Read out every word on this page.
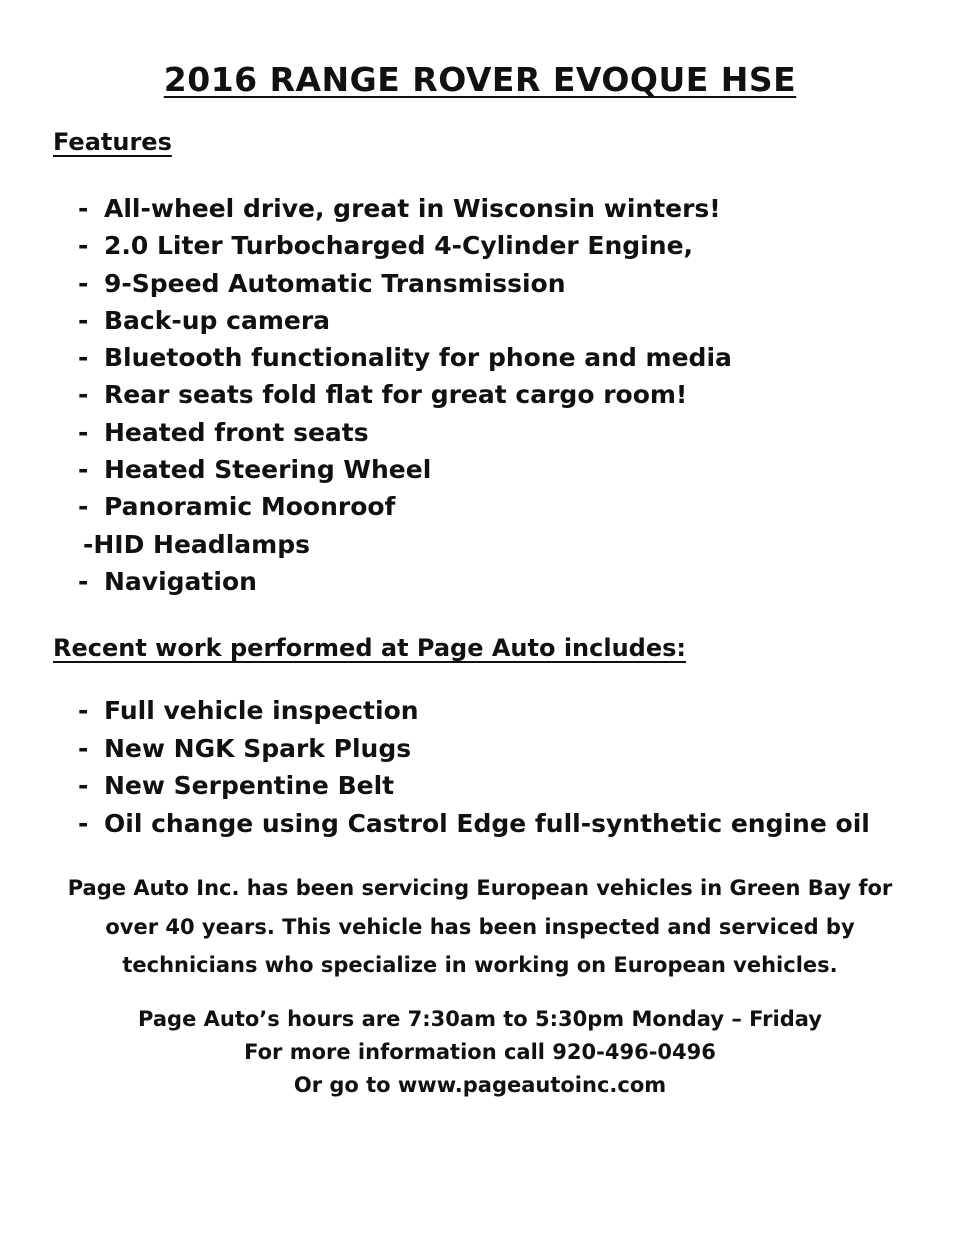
2016 RANGE ROVER EVOQUE HSE
Features
- All-wheel drive, great in Wisconsin winters!
- 2.0 Liter Turbocharged 4-Cylinder Engine,
- 9-Speed Automatic Transmission
- Back-up camera
- Bluetooth functionality for phone and media
- Rear seats fold flat for great cargo room!
- Heated front seats
- Heated Steering Wheel
- Panoramic Moonroof
-HID Headlamps
- Navigation
Recent work performed at Page Auto includes:
- Full vehicle inspection
- New NGK Spark Plugs
- New Serpentine Belt
- Oil change using Castrol Edge full-synthetic engine oil

Page Auto Inc. has been servicing European vehicles in Green Bay for

over 40 years. This vehicle has been inspected and serviced by

technicians who specialize in working on European vehicles.

Page Auto’s hours are 7:30am to 5:30pm Monday – Friday
For more information call 920-496-0496
Or go to www.pageautoinc.com
